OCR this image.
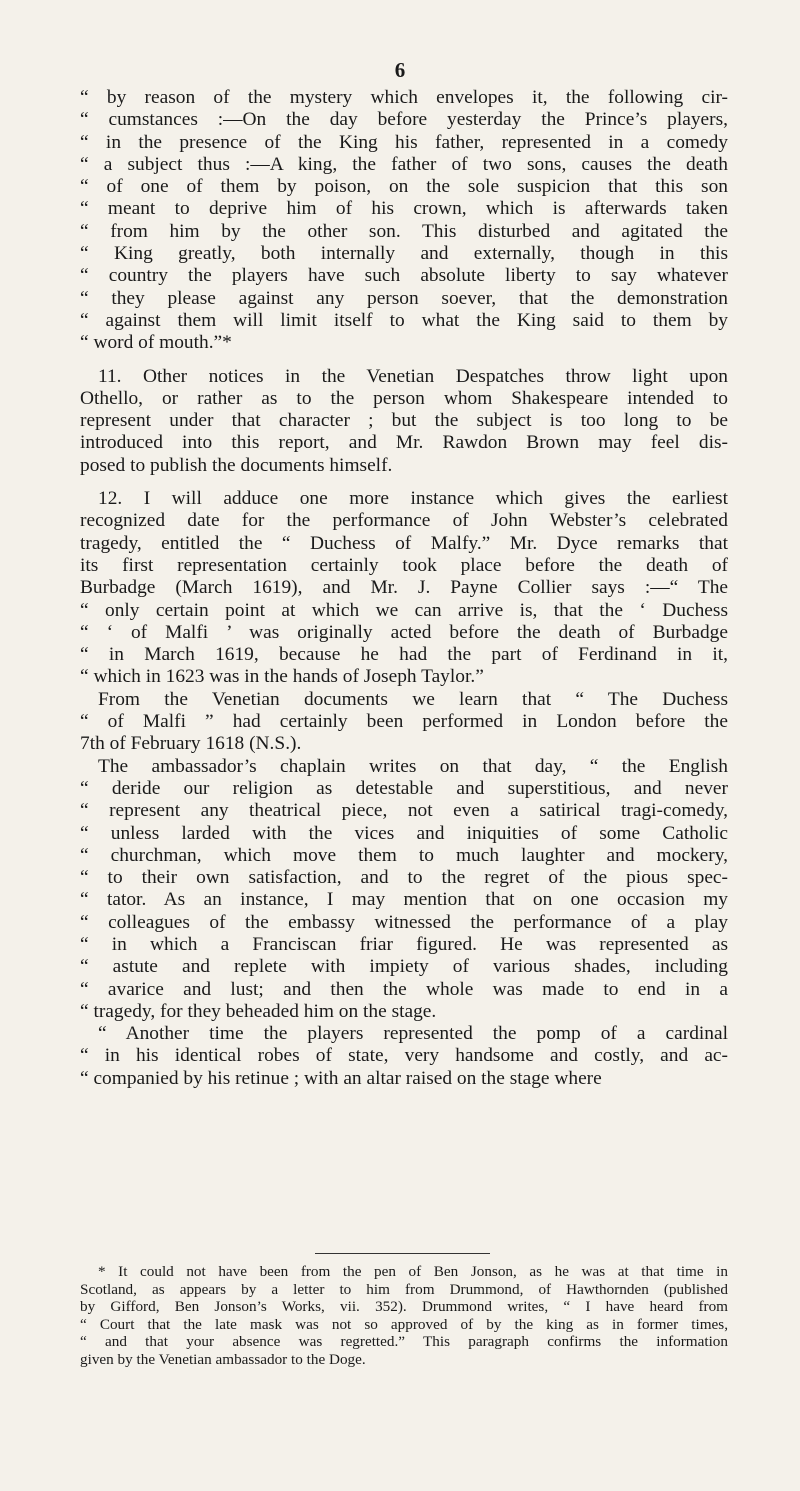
6
“ by reason of the mystery which envelopes it, the following cir-
“ cumstances :—On the day before yesterday the Prince’s players,
“ in the presence of the King his father, represented in a comedy
“ a subject thus :—A king, the father of two sons, causes the death
“ of one of them by poison, on the sole suspicion that this son
“ meant to deprive him of his crown, which is afterwards taken
“ from him by the other son. This disturbed and agitated the
“ King greatly, both internally and externally, though in this
“ country the players have such absolute liberty to say whatever
“ they please against any person soever, that the demonstration
“ against them will limit itself to what the King said to them by
“ word of mouth.”*
11. Other notices in the Venetian Despatches throw light upon
Othello, or rather as to the person whom Shakespeare intended to
represent under that character ; but the subject is too long to be
introduced into this report, and Mr. Rawdon Brown may feel dis-
posed to publish the documents himself.
12. I will adduce one more instance which gives the earliest
recognized date for the performance of John Webster’s celebrated
tragedy, entitled the “ Duchess of Malfy.” Mr. Dyce remarks that
its first representation certainly took place before the death of
Burbadge (March 1619), and Mr. J. Payne Collier says :—“ The
“ only certain point at which we can arrive is, that the ‘ Duchess
“ ‘ of Malfi ’ was originally acted before the death of Burbadge
“ in March 1619, because he had the part of Ferdinand in it,
“ which in 1623 was in the hands of Joseph Taylor.”
From the Venetian documents we learn that “ The Duchess
“ of Malfi ” had certainly been performed in London before the
7th of February 1618 (N.S.).
The ambassador’s chaplain writes on that day, “ the English
“ deride our religion as detestable and superstitious, and never
“ represent any theatrical piece, not even a satirical tragi-comedy,
“ unless larded with the vices and iniquities of some Catholic
“ churchman, which move them to much laughter and mockery,
“ to their own satisfaction, and to the regret of the pious spec-
“ tator. As an instance, I may mention that on one occasion my
“ colleagues of the embassy witnessed the performance of a play
“ in which a Franciscan friar figured. He was represented as
“ astute and replete with impiety of various shades, including
“ avarice and lust; and then the whole was made to end in a
“ tragedy, for they beheaded him on the stage.
“ Another time the players represented the pomp of a cardinal
“ in his identical robes of state, very handsome and costly, and ac-
“ companied by his retinue ; with an altar raised on the stage where
* It could not have been from the pen of Ben Jonson, as he was at that time in
Scotland, as appears by a letter to him from Drummond, of Hawthornden (published
by Gifford, Ben Jonson’s Works, vii. 352). Drummond writes, “ I have heard from
“ Court that the late mask was not so approved of by the king as in former times,
“ and that your absence was regretted.” This paragraph confirms the information
given by the Venetian ambassador to the Doge.
